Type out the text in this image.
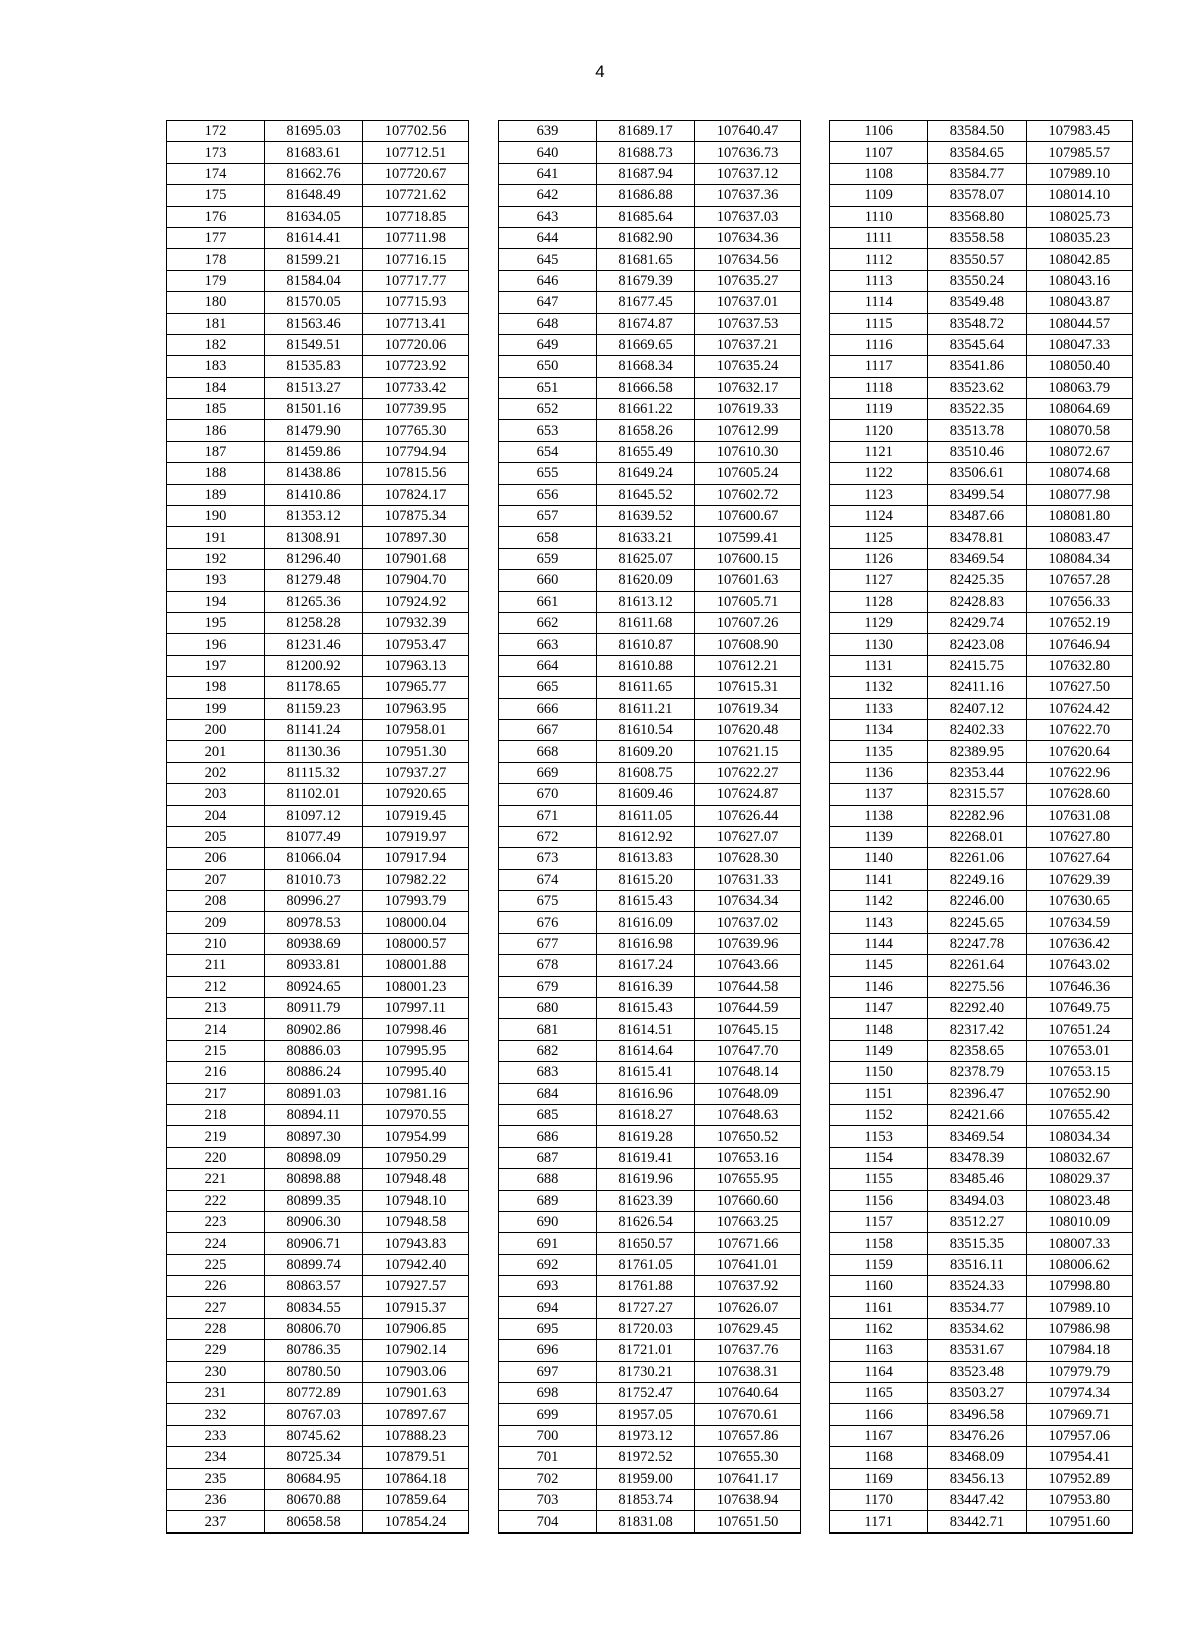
4
172	81695.03	107702.56
173	81683.61	107712.51
174	81662.76	107720.67
175	81648.49	107721.62
176	81634.05	107718.85
177	81614.41	107711.98
178	81599.21	107716.15
179	81584.04	107717.77
180	81570.05	107715.93
181	81563.46	107713.41
182	81549.51	107720.06
183	81535.83	107723.92
184	81513.27	107733.42
185	81501.16	107739.95
186	81479.90	107765.30
187	81459.86	107794.94
188	81438.86	107815.56
189	81410.86	107824.17
190	81353.12	107875.34
191	81308.91	107897.30
192	81296.40	107901.68
193	81279.48	107904.70
194	81265.36	107924.92
195	81258.28	107932.39
196	81231.46	107953.47
197	81200.92	107963.13
198	81178.65	107965.77
199	81159.23	107963.95
200	81141.24	107958.01
201	81130.36	107951.30
202	81115.32	107937.27
203	81102.01	107920.65
204	81097.12	107919.45
205	81077.49	107919.97
206	81066.04	107917.94
207	81010.73	107982.22
208	80996.27	107993.79
209	80978.53	108000.04
210	80938.69	108000.57
211	80933.81	108001.88
212	80924.65	108001.23
213	80911.79	107997.11
214	80902.86	107998.46
215	80886.03	107995.95
216	80886.24	107995.40
217	80891.03	107981.16
218	80894.11	107970.55
219	80897.30	107954.99
220	80898.09	107950.29
221	80898.88	107948.48
222	80899.35	107948.10
223	80906.30	107948.58
224	80906.71	107943.83
225	80899.74	107942.40
226	80863.57	107927.57
227	80834.55	107915.37
228	80806.70	107906.85
229	80786.35	107902.14
230	80780.50	107903.06
231	80772.89	107901.63
232	80767.03	107897.67
233	80745.62	107888.23
234	80725.34	107879.51
235	80684.95	107864.18
236	80670.88	107859.64
237	80658.58	107854.24
639	81689.17	107640.47
640	81688.73	107636.73
641	81687.94	107637.12
642	81686.88	107637.36
643	81685.64	107637.03
644	81682.90	107634.36
645	81681.65	107634.56
646	81679.39	107635.27
647	81677.45	107637.01
648	81674.87	107637.53
649	81669.65	107637.21
650	81668.34	107635.24
651	81666.58	107632.17
652	81661.22	107619.33
653	81658.26	107612.99
654	81655.49	107610.30
655	81649.24	107605.24
656	81645.52	107602.72
657	81639.52	107600.67
658	81633.21	107599.41
659	81625.07	107600.15
660	81620.09	107601.63
661	81613.12	107605.71
662	81611.68	107607.26
663	81610.87	107608.90
664	81610.88	107612.21
665	81611.65	107615.31
666	81611.21	107619.34
667	81610.54	107620.48
668	81609.20	107621.15
669	81608.75	107622.27
670	81609.46	107624.87
671	81611.05	107626.44
672	81612.92	107627.07
673	81613.83	107628.30
674	81615.20	107631.33
675	81615.43	107634.34
676	81616.09	107637.02
677	81616.98	107639.96
678	81617.24	107643.66
679	81616.39	107644.58
680	81615.43	107644.59
681	81614.51	107645.15
682	81614.64	107647.70
683	81615.41	107648.14
684	81616.96	107648.09
685	81618.27	107648.63
686	81619.28	107650.52
687	81619.41	107653.16
688	81619.96	107655.95
689	81623.39	107660.60
690	81626.54	107663.25
691	81650.57	107671.66
692	81761.05	107641.01
693	81761.88	107637.92
694	81727.27	107626.07
695	81720.03	107629.45
696	81721.01	107637.76
697	81730.21	107638.31
698	81752.47	107640.64
699	81957.05	107670.61
700	81973.12	107657.86
701	81972.52	107655.30
702	81959.00	107641.17
703	81853.74	107638.94
704	81831.08	107651.50
1106	83584.50	107983.45
1107	83584.65	107985.57
1108	83584.77	107989.10
1109	83578.07	108014.10
1110	83568.80	108025.73
1111	83558.58	108035.23
1112	83550.57	108042.85
1113	83550.24	108043.16
1114	83549.48	108043.87
1115	83548.72	108044.57
1116	83545.64	108047.33
1117	83541.86	108050.40
1118	83523.62	108063.79
1119	83522.35	108064.69
1120	83513.78	108070.58
1121	83510.46	108072.67
1122	83506.61	108074.68
1123	83499.54	108077.98
1124	83487.66	108081.80
1125	83478.81	108083.47
1126	83469.54	108084.34
1127	82425.35	107657.28
1128	82428.83	107656.33
1129	82429.74	107652.19
1130	82423.08	107646.94
1131	82415.75	107632.80
1132	82411.16	107627.50
1133	82407.12	107624.42
1134	82402.33	107622.70
1135	82389.95	107620.64
1136	82353.44	107622.96
1137	82315.57	107628.60
1138	82282.96	107631.08
1139	82268.01	107627.80
1140	82261.06	107627.64
1141	82249.16	107629.39
1142	82246.00	107630.65
1143	82245.65	107634.59
1144	82247.78	107636.42
1145	82261.64	107643.02
1146	82275.56	107646.36
1147	82292.40	107649.75
1148	82317.42	107651.24
1149	82358.65	107653.01
1150	82378.79	107653.15
1151	82396.47	107652.90
1152	82421.66	107655.42
1153	83469.54	108034.34
1154	83478.39	108032.67
1155	83485.46	108029.37
1156	83494.03	108023.48
1157	83512.27	108010.09
1158	83515.35	108007.33
1159	83516.11	108006.62
1160	83524.33	107998.80
1161	83534.77	107989.10
1162	83534.62	107986.98
1163	83531.67	107984.18
1164	83523.48	107979.79
1165	83503.27	107974.34
1166	83496.58	107969.71
1167	83476.26	107957.06
1168	83468.09	107954.41
1169	83456.13	107952.89
1170	83447.42	107953.80
1171	83442.71	107951.60
